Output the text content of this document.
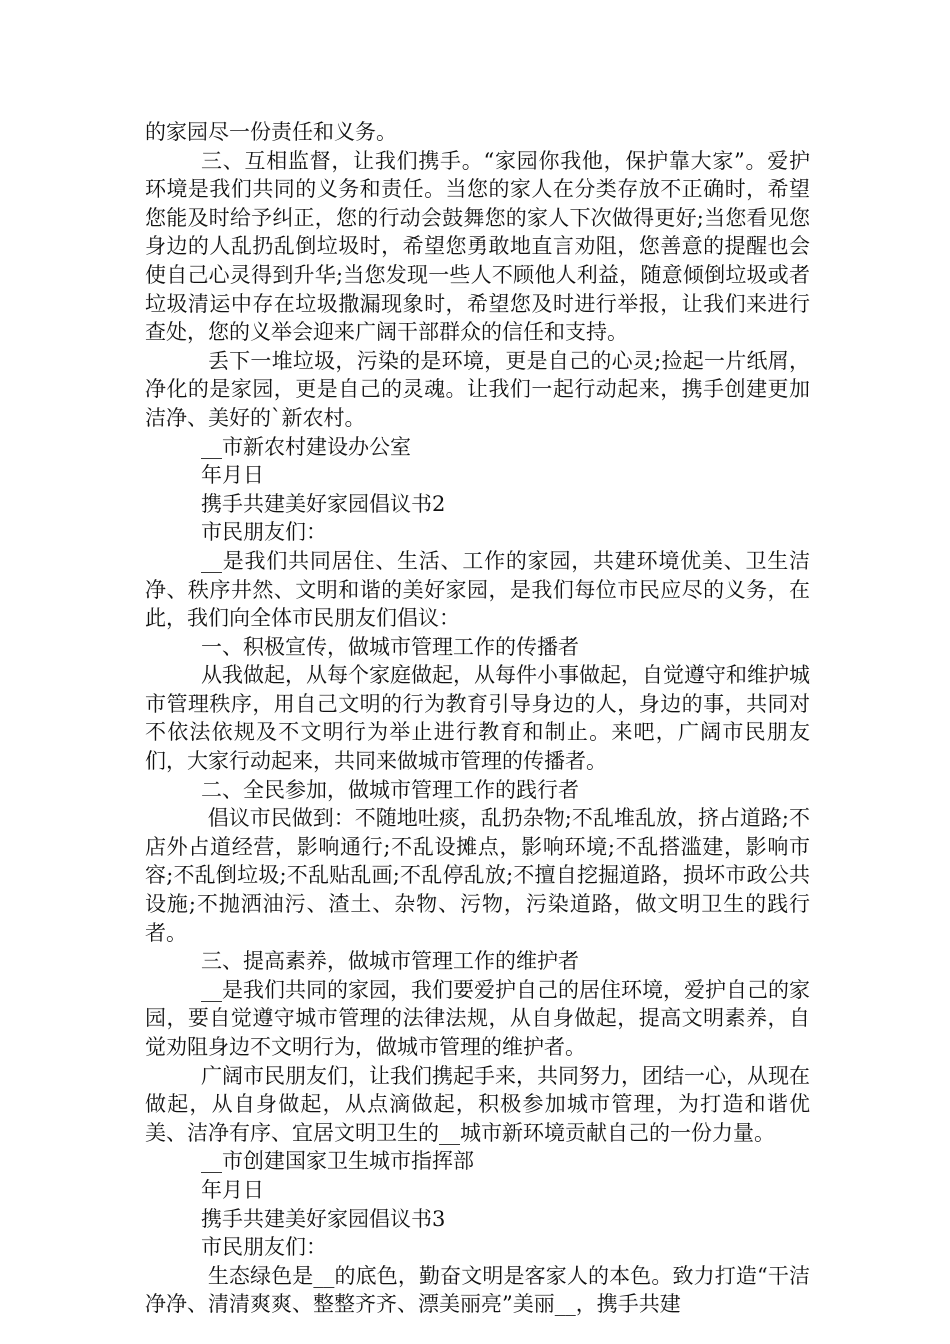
的家园尽一份责任和义务。

三、互相监督，让我们携手。“家园你我他，保护靠大家”。爱护环境是我们共同的义务和责任。当您的家人在分类存放不正确时，希望您能及时给予纠正，您的行动会鼓舞您的家人下次做得更好;当您看见您身边的人乱扔乱倒垃圾时，希望您勇敢地直言劝阻，您善意的提醒也会使自己心灵得到升华;当您发现一些人不顾他人利益，随意倾倒垃圾或者垃圾清运中存在垃圾撒漏现象时，希望您及时进行举报，让我们来进行查处，您的义举会迎来广阔干部群众的信任和支持。

丢下一堆垃圾，污染的是环境，更是自己的心灵;捡起一片纸屑，净化的是家园，更是自己的灵魂。让我们一起行动起来，携手创建更加洁净、美好的`新农村。

__市新农村建设办公室

年月日

携手共建美好家园倡议书2

市民朋友们：

__是我们共同居住、生活、工作的家园，共建环境优美、卫生洁净、秩序井然、文明和谐的美好家园，是我们每位市民应尽的义务，在此，我们向全体市民朋友们倡议：

一、积极宣传，做城市管理工作的传播者

从我做起，从每个家庭做起，从每件小事做起，自觉遵守和维护城市管理秩序，用自己文明的行为教育引导身边的人，身边的事，共同对不依法依规及不文明行为举止进行教育和制止。来吧，广阔市民朋友们，大家行动起来，共同来做城市管理的传播者。

二、全民参加，做城市管理工作的践行者

倡议市民做到：不随地吐痰，乱扔杂物;不乱堆乱放，挤占道路;不店外占道经营，影响通行;不乱设摊点，影响环境;不乱搭滥建，影响市容;不乱倒垃圾;不乱贴乱画;不乱停乱放;不擅自挖掘道路，损坏市政公共设施;不抛洒油污、渣土、杂物、污物，污染道路，做文明卫生的践行者。

三、提高素养，做城市管理工作的维护者

__是我们共同的家园，我们要爱护自己的居住环境，爱护自己的家园，要自觉遵守城市管理的法律法规，从自身做起，提高文明素养，自觉劝阻身边不文明行为，做城市管理的维护者。

广阔市民朋友们，让我们携起手来，共同努力，团结一心，从现在做起，从自身做起，从点滴做起，积极参加城市管理，为打造和谐优美、洁净有序、宜居文明卫生的__城市新环境贡献自己的一份力量。

__市创建国家卫生城市指挥部

年月日

携手共建美好家园倡议书3

市民朋友们：

生态绿色是__的底色，勤奋文明是客家人的本色。致力打造“干洁净净、清清爽爽、整整齐齐、漂美丽亮”美丽__，携手共建
